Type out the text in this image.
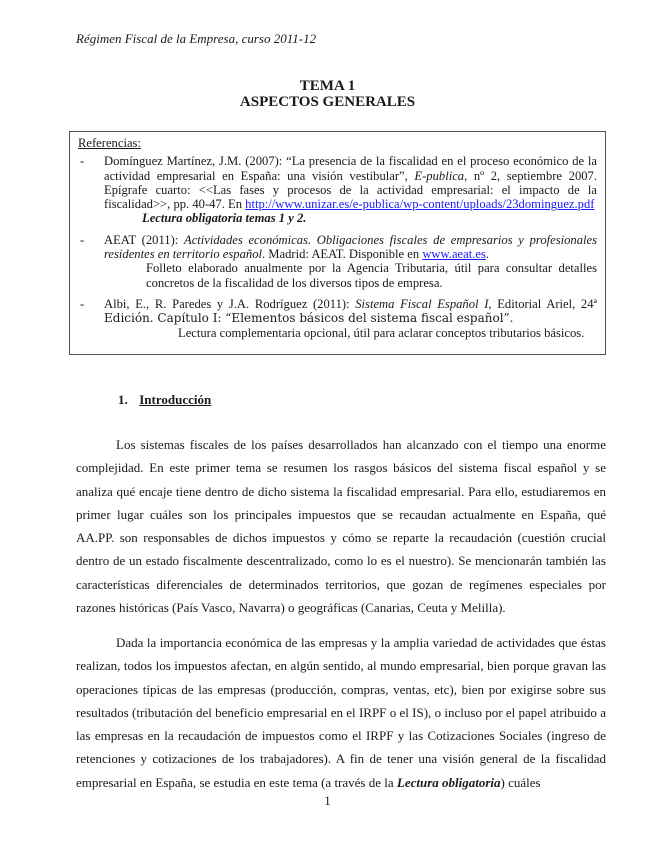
Régimen Fiscal de la Empresa, curso 2011-12
TEMA 1
ASPECTOS GENERALES
Referencias:
- Domínguez Martínez, J.M. (2007): “La presencia de la fiscalidad en el proceso económico de la actividad empresarial en España: una visión vestibular”, E-publica, nº 2, septiembre 2007. Epígrafe cuarto: <<Las fases y procesos de la actividad empresarial: el impacto de la fiscalidad>>, pp. 40-47. En http://www.unizar.es/e-publica/wp-content/uploads/23dominguez.pdf
Lectura obligatoria temas 1 y 2.
- AEAT (2011): Actividades económicas. Obligaciones fiscales de empresarios y profesionales residentes en territorio español. Madrid: AEAT. Disponible en www.aeat.es.
Folleto elaborado anualmente por la Agencia Tributaria, útil para consultar detalles concretos de la fiscalidad de los diversos tipos de empresa.
- Albi, E., R. Paredes y J.A. Rodríguez (2011): Sistema Fiscal Español I, Editorial Ariel, 24ª Edición. Capítulo I: “Elementos básicos del sistema fiscal español”.
Lectura complementaria opcional, útil para aclarar conceptos tributarios básicos.
1. Introducción
Los sistemas fiscales de los países desarrollados han alcanzado con el tiempo una enorme complejidad. En este primer tema se resumen los rasgos básicos del sistema fiscal español y se analiza qué encaje tiene dentro de dicho sistema la fiscalidad empresarial. Para ello, estudiaremos en primer lugar cuáles son los principales impuestos que se recaudan actualmente en España, qué AA.PP. son responsables de dichos impuestos y cómo se reparte la recaudación (cuestión crucial dentro de un estado fiscalmente descentralizado, como lo es el nuestro). Se mencionarán también las características diferenciales de determinados territorios, que gozan de regímenes especiales por razones históricas (País Vasco, Navarra) o geográficas (Canarias, Ceuta y Melilla).
Dada la importancia económica de las empresas y la amplia variedad de actividades que éstas realizan, todos los impuestos afectan, en algún sentido, al mundo empresarial, bien porque gravan las operaciones típicas de las empresas (producción, compras, ventas, etc), bien por exigirse sobre sus resultados (tributación del beneficio empresarial en el IRPF o el IS), o incluso por el papel atribuido a las empresas en la recaudación de impuestos como el IRPF y las Cotizaciones Sociales (ingreso de retenciones y cotizaciones de los trabajadores). A fin de tener una visión general de la fiscalidad empresarial en España, se estudia en este tema (a través de la Lectura obligatoria) cuáles
1
